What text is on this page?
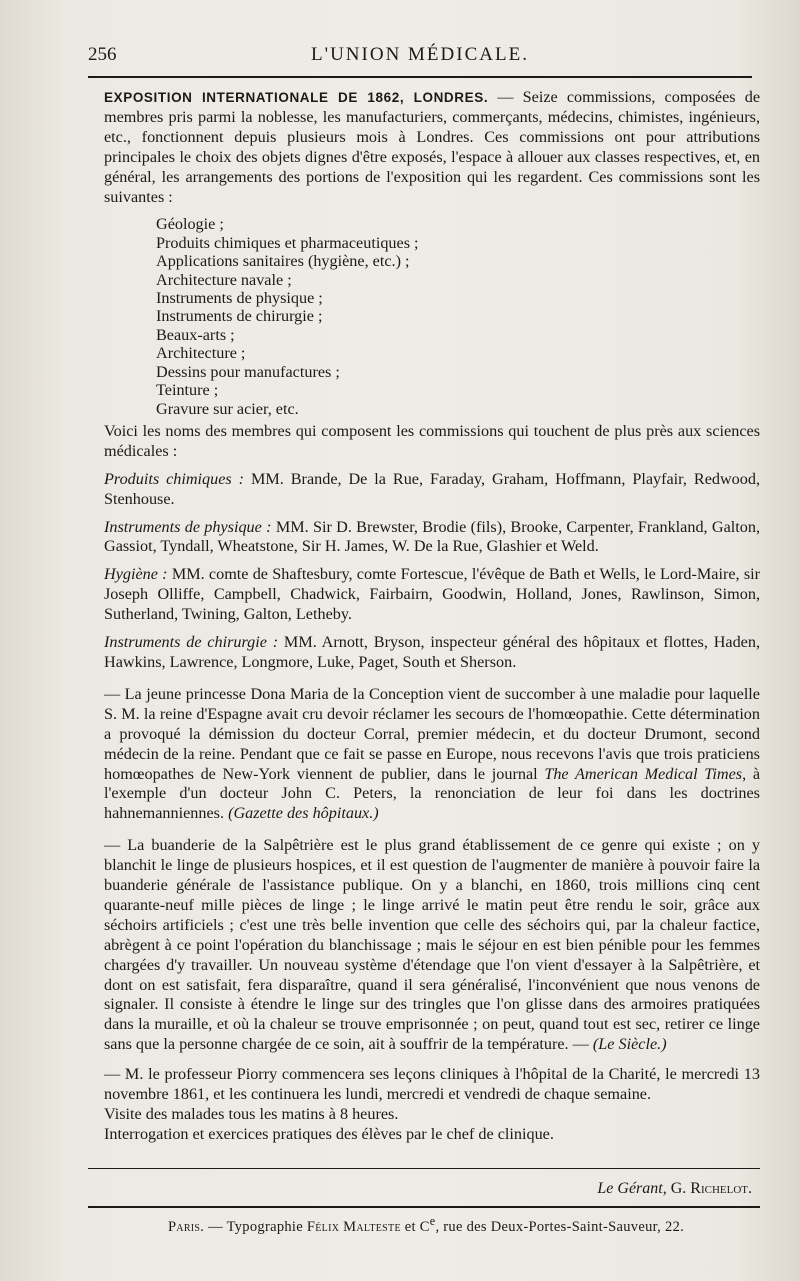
256	L'UNION MÉDICALE.

EXPOSITION INTERNATIONALE DE 1862, LONDRES. — Seize commissions, composées de membres pris parmi la noblesse, les manufacturiers, commerçants, médecins, chimistes, ingénieurs, etc., fonctionnent depuis plusieurs mois à Londres. Ces commissions ont pour attributions principales le choix des objets dignes d'être exposés, l'espace à allouer aux classes respectives, et, en général, les arrangements des portions de l'exposition qui les regardent. Ces commissions sont les suivantes :

Géologie ;
Produits chimiques et pharmaceutiques ;
Applications sanitaires (hygiène, etc.) ;
Architecture navale ;
Instruments de physique ;
Instruments de chirurgie ;
Beaux-arts ;
Architecture ;
Dessins pour manufactures ;
Teinture ;
Gravure sur acier, etc.

Voici les noms des membres qui composent les commissions qui touchent de plus près aux sciences médicales :

Produits chimiques : MM. Brande, De la Rue, Faraday, Graham, Hoffmann, Playfair, Redwood, Stenhouse.

Instruments de physique : MM. Sir D. Brewster, Brodie (fils), Brooke, Carpenter, Frankland, Galton, Gassiot, Tyndall, Wheatstone, Sir H. James, W. De la Rue, Glashier et Weld.

Hygiène : MM. comte de Shaftesbury, comte Fortescue, l'évêque de Bath et Wells, le Lord-Maire, sir Joseph Olliffe, Campbell, Chadwick, Fairbairn, Goodwin, Holland, Jones, Rawlinson, Simon, Sutherland, Twining, Galton, Letheby.

Instruments de chirurgie : MM. Arnott, Bryson, inspecteur général des hôpitaux et flottes, Haden, Hawkins, Lawrence, Longmore, Luke, Paget, South et Sherson.

— La jeune princesse Dona Maria de la Conception vient de succomber à une maladie pour laquelle S. M. la reine d'Espagne avait cru devoir réclamer les secours de l'homœopathie. Cette détermination a provoqué la démission du docteur Corral, premier médecin, et du docteur Drumont, second médecin de la reine. Pendant que ce fait se passe en Europe, nous recevons l'avis que trois praticiens homœopathes de New-York viennent de publier, dans le journal The American Medical Times, à l'exemple d'un docteur John C. Peters, la renonciation de leur foi dans les doctrines hahnemanniennes. (Gazette des hôpitaux.)

— La buanderie de la Salpêtrière est le plus grand établissement de ce genre qui existe ; on y blanchit le linge de plusieurs hospices, et il est question de l'augmenter de manière à pouvoir faire la buanderie générale de l'assistance publique. On y a blanchi, en 1860, trois millions cinq cent quarante-neuf mille pièces de linge ; le linge arrivé le matin peut être rendu le soir, grâce aux séchoirs artificiels ; c'est une très belle invention que celle des séchoirs qui, par la chaleur factice, abrègent à ce point l'opération du blanchissage ; mais le séjour en est bien pénible pour les femmes chargées d'y travailler. Un nouveau système d'étendage que l'on vient d'essayer à la Salpêtrière, et dont on est satisfait, fera disparaître, quand il sera généralisé, l'inconvénient que nous venons de signaler. Il consiste à étendre le linge sur des tringles que l'on glisse dans des armoires pratiquées dans la muraille, et où la chaleur se trouve emprisonnée ; on peut, quand tout est sec, retirer ce linge sans que la personne chargée de ce soin, ait à souffrir de la température. — (Le Siècle.)

— M. le professeur Piorry commencera ses leçons cliniques à l'hôpital de la Charité, le mercredi 13 novembre 1861, et les continuera les lundi, mercredi et vendredi de chaque semaine.

Visite des malades tous les matins à 8 heures.

Interrogation et exercices pratiques des élèves par le chef de clinique.

Le Gérant, G. Richelot.
Paris. — Typographie Félix Malteste et Ce, rue des Deux-Portes-Saint-Sauveur, 22.
